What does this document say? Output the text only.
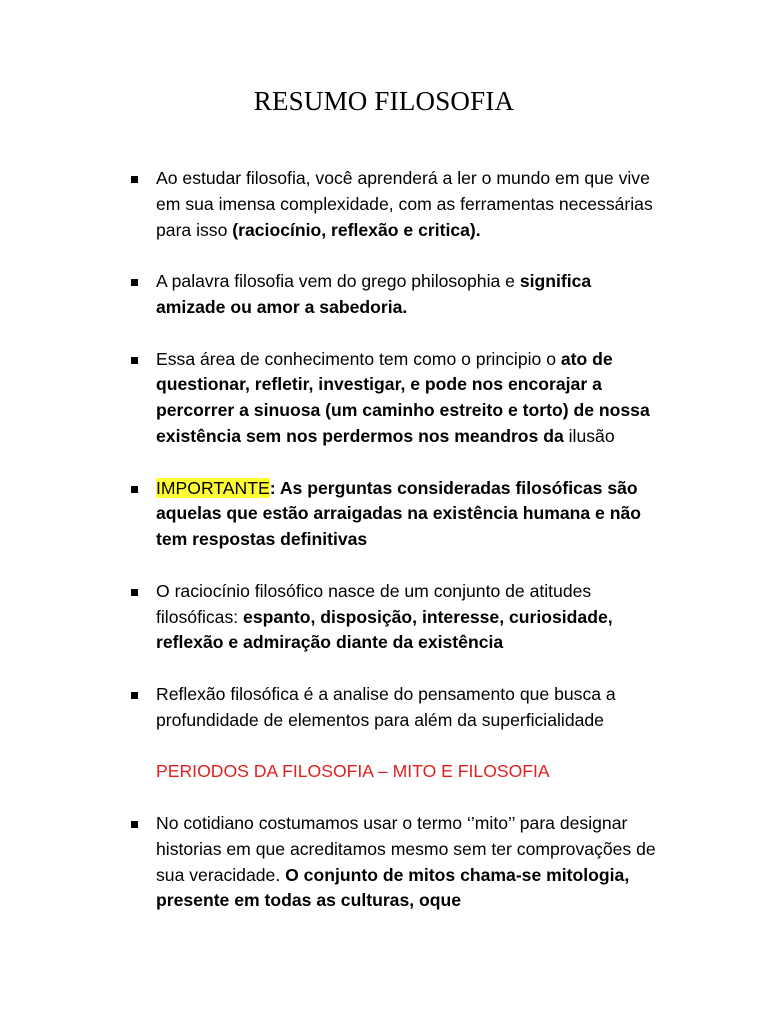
RESUMO FILOSOFIA
Ao estudar filosofia, você aprenderá a ler o mundo em que vive em sua imensa complexidade, com as ferramentas necessárias para isso (raciocínio, reflexão e critica).
A palavra filosofia vem do grego philosophia e significa amizade ou amor a sabedoria.
Essa área de conhecimento tem como o principio o ato de questionar, refletir, investigar, e pode nos encorajar a percorrer a sinuosa (um caminho estreito e torto) de nossa existência sem nos perdermos nos meandros da ilusão
IMPORTANTE: As perguntas consideradas filosóficas são aquelas que estão arraigadas na existência humana e não tem respostas definitivas
O raciocínio filosófico nasce de um conjunto de atitudes filosóficas: espanto, disposição, interesse, curiosidade, reflexão e admiração diante da existência
Reflexão filosófica é a analise do pensamento que busca a profundidade de elementos para além da superficialidade
PERIODOS DA FILOSOFIA – MITO E FILOSOFIA
No cotidiano costumamos usar o termo ‘’mito’’ para designar historias em que acreditamos mesmo sem ter comprovações de sua veracidade. O conjunto de mitos chama-se mitologia, presente em todas as culturas, oque
